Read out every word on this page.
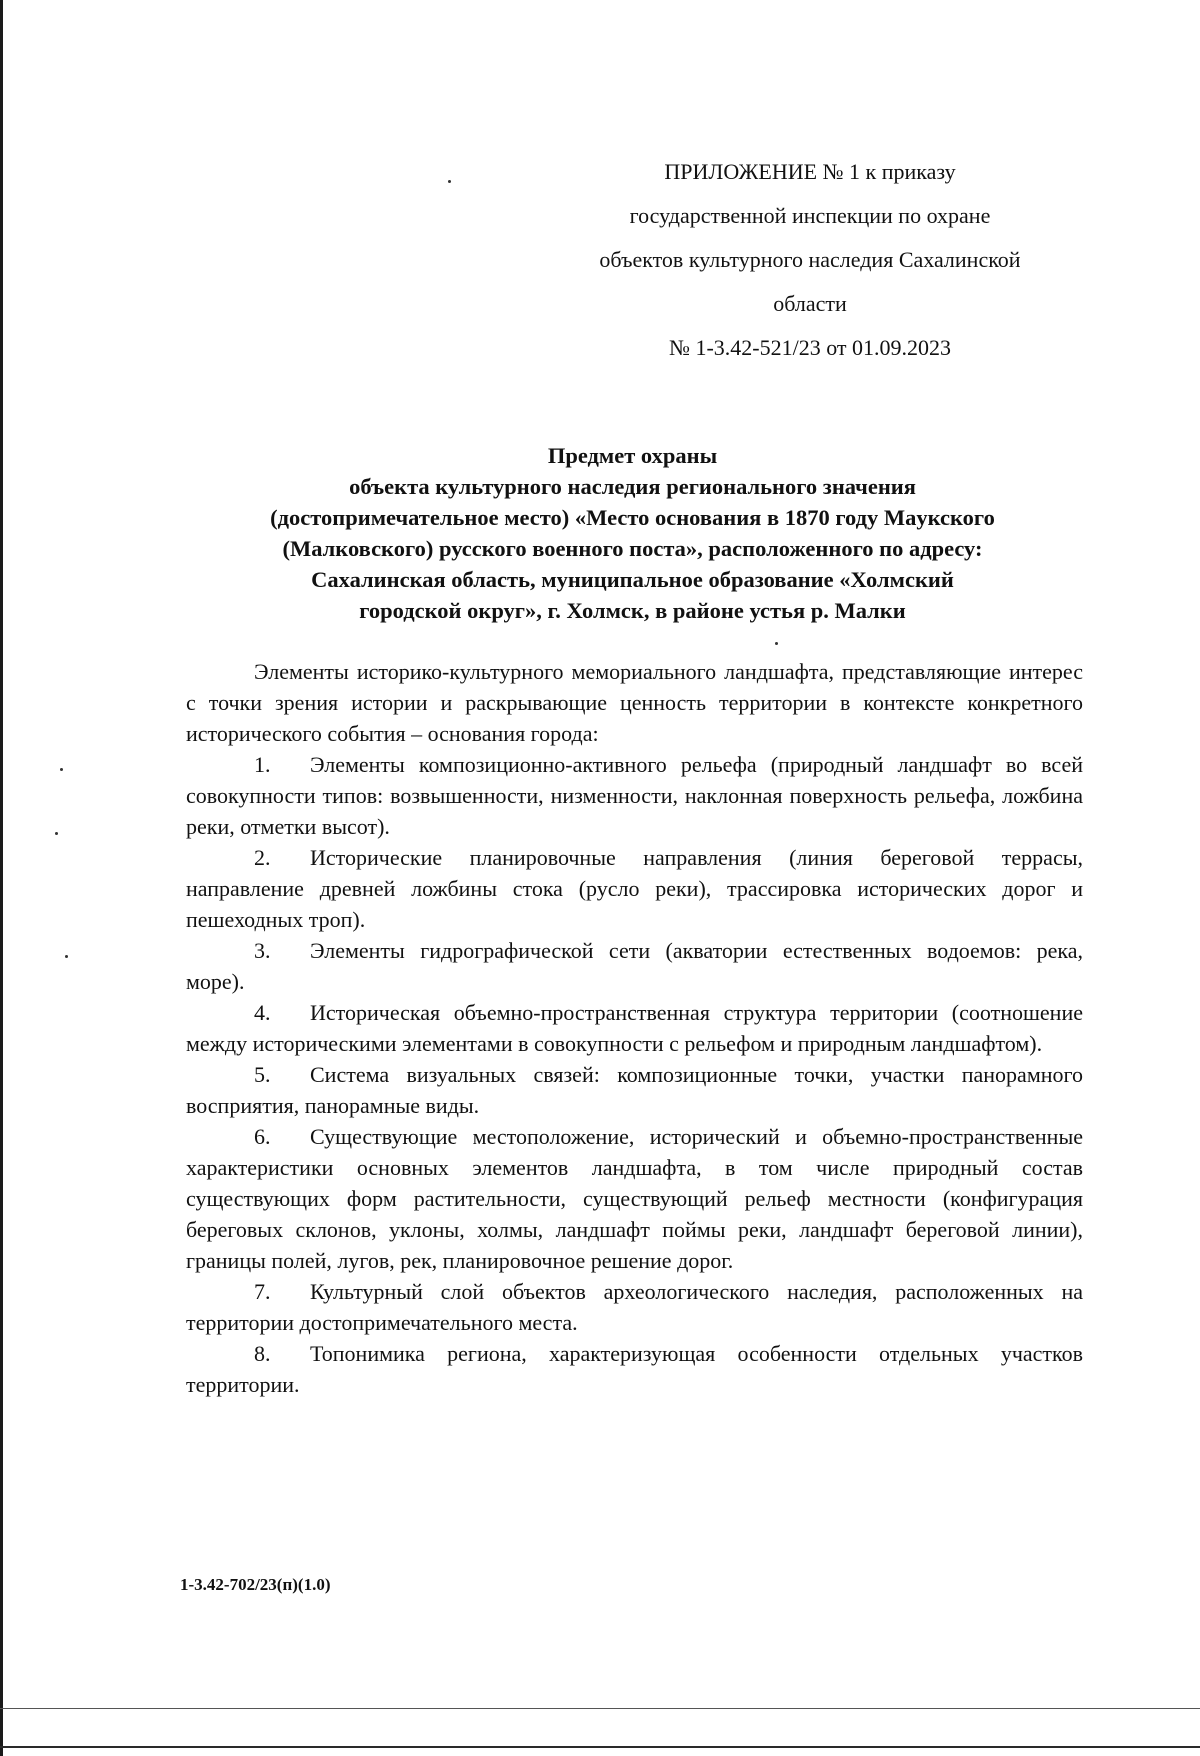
ПРИЛОЖЕНИЕ № 1 к приказу
государственной инспекции по охране
объектов культурного наследия Сахалинской
области
№ 1-3.42-521/23 от 01.09.2023
Предмет охраны
объекта культурного наследия регионального значения
(достопримечательное место) «Место основания в 1870 году Мaукского
(Малковского) русского военного поста», расположенного по адресу:
Сахалинская область, муниципальное образование «Холмский
городской округ», г. Холмск, в районе устья р. Малки

Элементы историко-культурного мемориального ландшафта, представляющие интерес с точки зрения истории и раскрывающие ценность территории в контексте конкретного исторического события – основания города:

1. Элементы композиционно-активного рельефа (природный ландшафт во всей совокупности типов: возвышенности, низменности, наклонная поверхность рельефа, ложбина реки, отметки высот).

2. Исторические планировочные направления (линия береговой террасы, направление древней ложбины стока (русло реки), трассировка исторических дорог и пешеходных троп).

3. Элементы гидрографической сети (акватории естественных водоемов: река, море).

4. Историческая объемно-пространственная структура территории (соотношение между историческими элементами в совокупности с рельефом и природным ландшафтом).

5. Система визуальных связей: композиционные точки, участки панорамного восприятия, панорамные виды.

6. Существующие местоположение, исторический и объемно-пространственные характеристики основных элементов ландшафта, в том числе природный состав существующих форм растительности, существующий рельеф местности (конфигурация береговых склонов, уклоны, холмы, ландшафт поймы реки, ландшафт береговой линии), границы полей, лугов, рек, планировочное решение дорог.

7. Культурный слой объектов археологического наследия, расположенных на территории достопримечательного места.

8. Топонимика региона, характеризующая особенности отдельных участков территории.

1-3.42-702/23(п)(1.0)
